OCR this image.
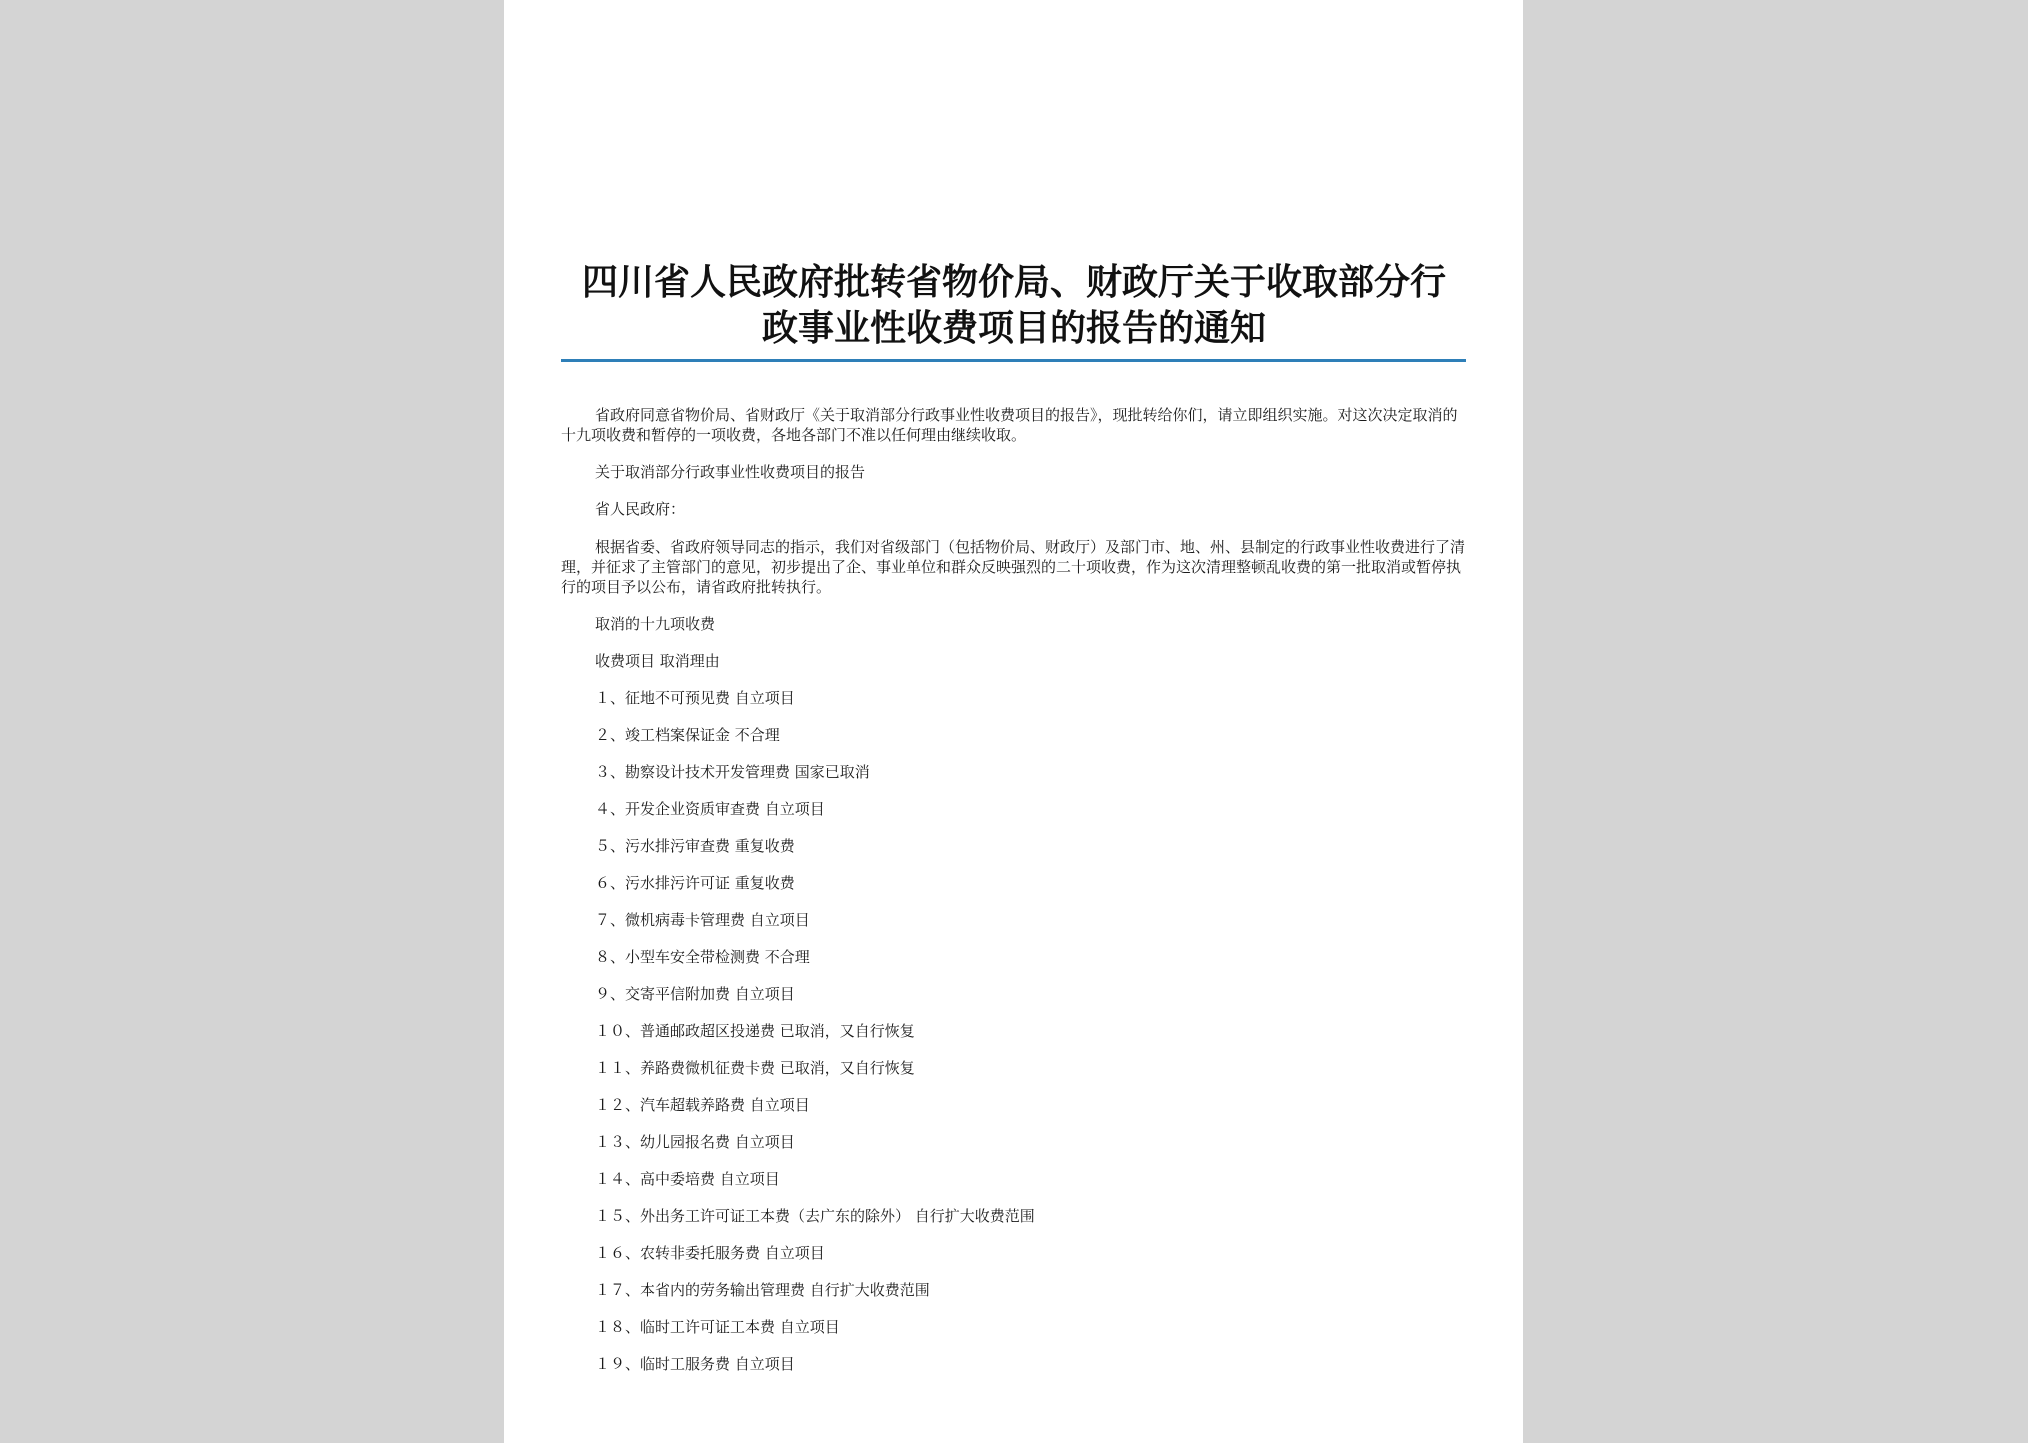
四川省人民政府批转省物价局、财政厅关于收取部分行
政事业性收费项目的报告的通知
省政府同意省物价局、省财政厅《关于取消部分行政事业性收费项目的报告》，现批转给你们，请立即组织实施。对这次决定取消的十九项收费和暂停的一项收费，各地各部门不准以任何理由继续收取。
关于取消部分行政事业性收费项目的报告
省人民政府：
根据省委、省政府领导同志的指示，我们对省级部门（包括物价局、财政厅）及部门市、地、州、县制定的行政事业性收费进行了清理，并征求了主管部门的意见，初步提出了企、事业单位和群众反映强烈的二十项收费，作为这次清理整顿乱收费的第一批取消或暂停执行的项目予以公布，请省政府批转执行。
取消的十九项收费
收费项目 取消理由
１、征地不可预见费 自立项目
２、竣工档案保证金 不合理
３、勘察设计技术开发管理费 国家已取消
４、开发企业资质审查费 自立项目
５、污水排污审查费 重复收费
６、污水排污许可证 重复收费
７、微机病毒卡管理费 自立项目
８、小型车安全带检测费 不合理
９、交寄平信附加费 自立项目
１０、普通邮政超区投递费 已取消，又自行恢复
１１、养路费微机征费卡费 已取消，又自行恢复
１２、汽车超载养路费 自立项目
１３、幼儿园报名费 自立项目
１４、高中委培费 自立项目
１５、外出务工许可证工本费（去广东的除外） 自行扩大收费范围
１６、农转非委托服务费 自立项目
１７、本省内的劳务输出管理费 自行扩大收费范围
１８、临时工许可证工本费 自立项目
１９、临时工服务费 自立项目
